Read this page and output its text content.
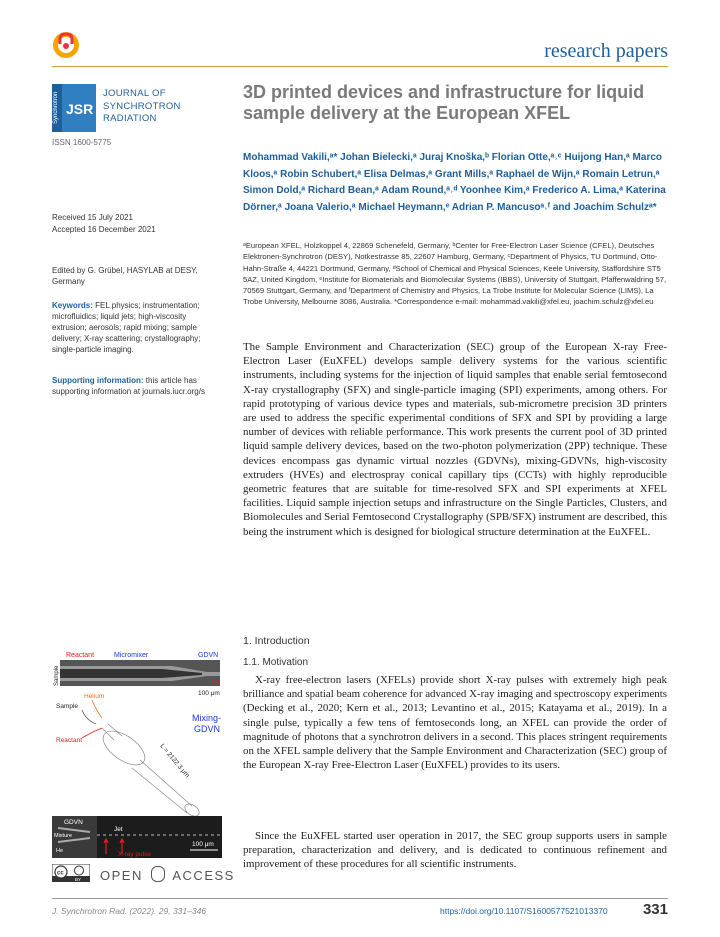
research papers
Synchrotron JSR
JOURNAL OF
SYNCHROTRON
RADIATION
ISSN 1600-5775
3D printed devices and infrastructure for liquid sample delivery at the European XFEL
Mohammad Vakili,ᵃ* Johan Bielecki,ᵃ Juraj Knoška,ᵇ Florian Otte,ᵃ˒ᶜ Huijong Han,ᵃ Marco Kloos,ᵃ Robin Schubert,ᵃ Elisa Delmas,ᵃ Grant Mills,ᵃ Raphael de Wijn,ᵃ Romain Letrun,ᵃ Simon Dold,ᵃ Richard Bean,ᵃ Adam Round,ᵃ˒ᵈ Yoonhee Kim,ᵃ Frederico A. Lima,ᵃ Katerina Dörner,ᵃ Joana Valerio,ᵃ Michael Heymann,ᵉ Adrian P. Mancusoᵃ˒ᶠ and Joachim Schulzᵃ*
ᵃEuropean XFEL, Holzkoppel 4, 22869 Schenefeld, Germany, ᵇCenter for Free-Electron Laser Science (CFEL), Deutsches Elektronen-Synchrotron (DESY), Notkestrasse 85, 22607 Hamburg, Germany, ᶜDepartment of Physics, TU Dortmund, Otto-Hahn-Straße 4, 44221 Dortmund, Germany, ᵈSchool of Chemical and Physical Sciences, Keele University, Staffordshire ST5 5AZ, United Kingdom, ᵉInstitute for Biomaterials and Biomolecular Systems (IBBS), University of Stuttgart, Pfaffenwaldring 57, 70569 Stuttgart, Germany, and ᶠDepartment of Chemistry and Physics, La Trobe Institute for Molecular Science (LIMS), La Trobe University, Melbourne 3086, Australia. *Correspondence e-mail: mohammad.vakili@xfel.eu, joachim.schulz@xfel.eu
Received 15 July 2021
Accepted 16 December 2021
Edited by G. Grübel, HASYLAB at DESY, Germany
Keywords: FEL physics; instrumentation; microfluidics; liquid jets; high-viscosity extrusion; aerosols; rapid mixing; sample delivery; X-ray scattering; crystallography; single-particle imaging.
Supporting information: this article has supporting information at journals.iucr.org/s
The Sample Environment and Characterization (SEC) group of the European X-ray Free-Electron Laser (EuXFEL) develops sample delivery systems for the various scientific instruments, including systems for the injection of liquid samples that enable serial femtosecond X-ray crystallography (SFX) and single-particle imaging (SPI) experiments, among others. For rapid prototyping of various device types and materials, sub-micrometre precision 3D printers are used to address the specific experimental conditions of SFX and SPI by providing a large number of devices with reliable performance. This work presents the current pool of 3D printed liquid sample delivery devices, based on the two-photon polymerization (2PP) technique. These devices encompass gas dynamic virtual nozzles (GDVNs), mixing-GDVNs, high-viscosity extruders (HVEs) and electrospray conical capillary tips (CCTs) with highly reproducible geometric features that are suitable for time-resolved SFX and SPI experiments at XFEL facilities. Liquid sample injection setups and infrastructure on the Single Particles, Clusters, and Biomolecules and Serial Femtosecond Crystallography (SPB/SFX) instrument are described, this being the instrument which is designed for biological structure determination at the EuXFEL.
Reactant	Micromixer	GDVN
Sample	He
100 μm
Helium
Sample
Mixing-
GDVN
Reactant
L = 2122.3 μm
GDVN
Mixture
He
Jet
X-ray pulse
100 μm
1. Introduction
1.1. Motivation
X-ray free-electron lasers (XFELs) provide short X-ray pulses with extremely high peak brilliance and spatial beam coherence for advanced X-ray imaging and spectroscopy experiments (Decking et al., 2020; Kern et al., 2013; Levantino et al., 2015; Katayama et al., 2019). In a single pulse, typically a few tens of femtoseconds long, an XFEL can provide the order of magnitude of photons that a synchrotron delivers in a second. This places stringent requirements on the XFEL sample delivery that the Sample Environment and Characterization (SEC) group of the European X-ray Free-Electron Laser (EuXFEL) provides to its users.
Since the EuXFEL started user operation in 2017, the SEC group supports users in sample preparation, characterization and delivery, and is dedicated to continuous refinement and improvement of these procedures for all scientific instruments.
cc
BY OPEN ACCESS
J. Synchrotron Rad. (2022). 29, 331–346	https://doi.org/10.1107/S1600577521013370 331
